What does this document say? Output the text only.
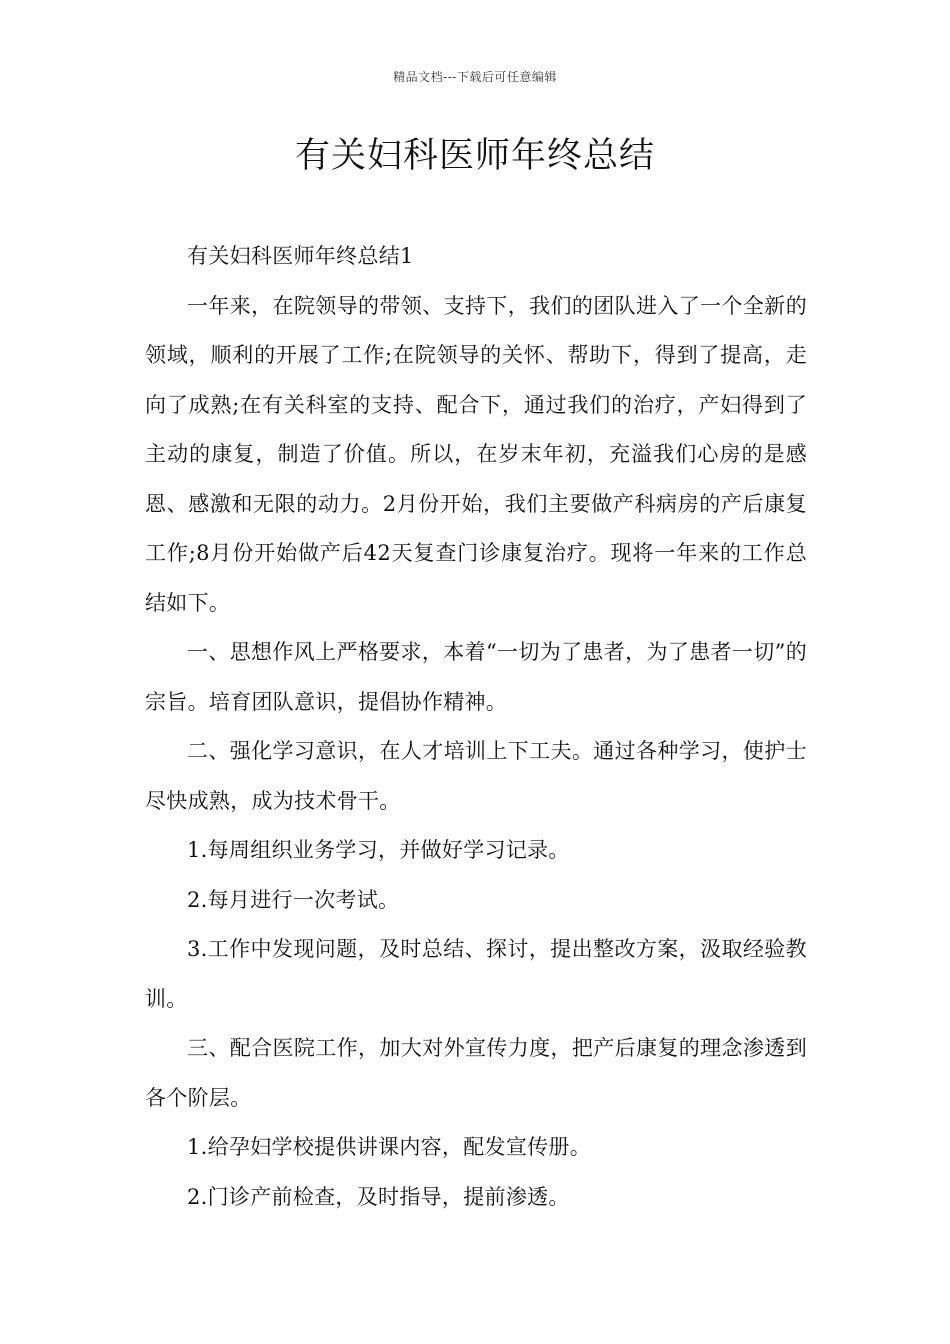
精品文档---下载后可任意编辑
有关妇科医师年终总结

有关妇科医师年终总结1

一年来，在院领导的带领、支持下，我们的团队进入了一个全新的领域，顺利的开展了工作;在院领导的关怀、帮助下，得到了提高，走向了成熟;在有关科室的支持、配合下，通过我们的治疗，产妇得到了主动的康复，制造了价值。所以，在岁末年初，充溢我们心房的是感恩、感激和无限的动力。2月份开始，我们主要做产科病房的产后康复工作;8月份开始做产后42天复查门诊康复治疗。现将一年来的工作总结如下。

一、思想作风上严格要求，本着“一切为了患者，为了患者一切”的宗旨。培育团队意识，提倡协作精神。

二、强化学习意识，在人才培训上下工夫。通过各种学习，使护士尽快成熟，成为技术骨干。

1.每周组织业务学习，并做好学习记录。

2.每月进行一次考试。

3.工作中发现问题，及时总结、探讨，提出整改方案，汲取经验教训。

三、配合医院工作，加大对外宣传力度，把产后康复的理念渗透到各个阶层。

1.给孕妇学校提供讲课内容，配发宣传册。

2.门诊产前检查，及时指导，提前渗透。
